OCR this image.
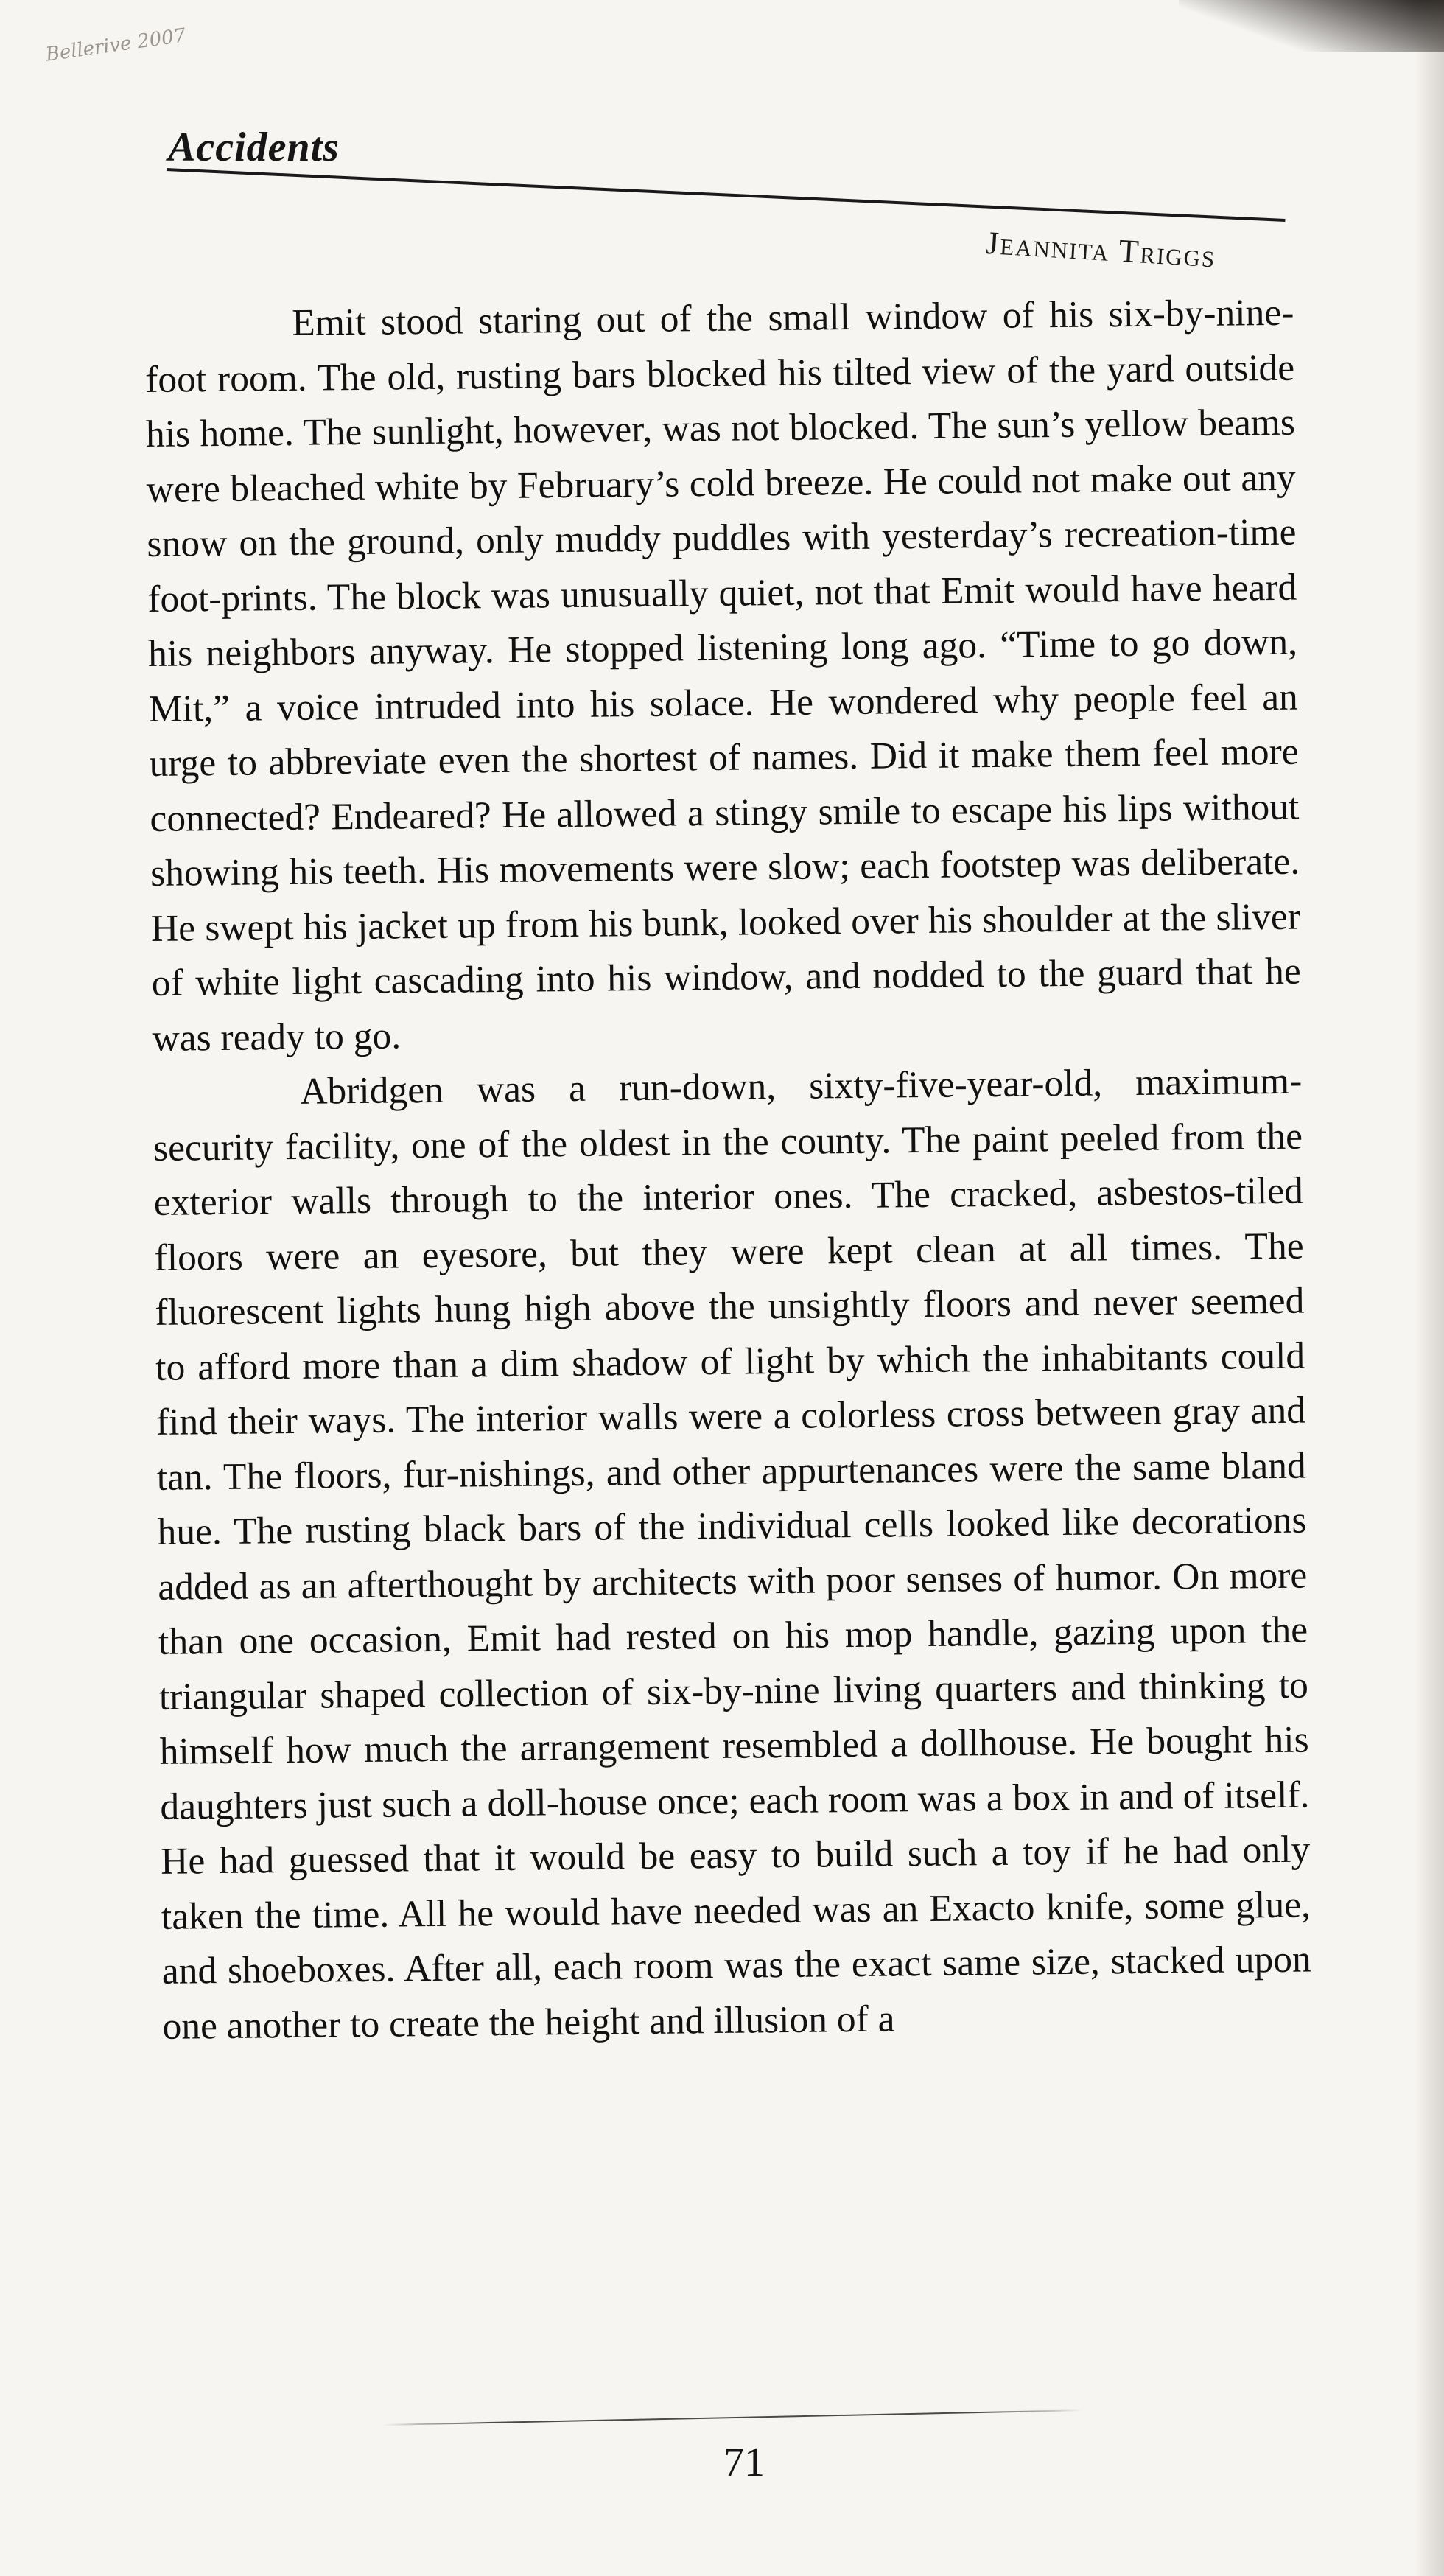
Bellerive 2007
Accidents
Jeannita Triggs

Emit stood staring out of the small window of his six-by-nine-foot room. The old, rusting bars blocked his tilted view of the yard outside his home. The sunlight, however, was not blocked. The sun’s yellow beams were bleached white by February’s cold breeze. He could not make out any snow on the ground, only muddy puddles with yesterday’s recreation-time foot-prints. The block was unusually quiet, not that Emit would have heard his neighbors anyway. He stopped listening long ago. “Time to go down, Mit,” a voice intruded into his solace. He wondered why people feel an urge to abbreviate even the shortest of names. Did it make them feel more connected? Endeared? He allowed a stingy smile to escape his lips without showing his teeth. His movements were slow; each footstep was deliberate. He swept his jacket up from his bunk, looked over his shoulder at the sliver of white light cascading into his window, and nodded to the guard that he was ready to go.

Abridgen was a run-down, sixty-five-year-old, maximum-security facility, one of the oldest in the county. The paint peeled from the exterior walls through to the interior ones. The cracked, asbestos-tiled floors were an eyesore, but they were kept clean at all times. The fluorescent lights hung high above the unsightly floors and never seemed to afford more than a dim shadow of light by which the inhabitants could find their ways. The interior walls were a colorless cross between gray and tan. The floors, fur-nishings, and other appurtenances were the same bland hue. The rusting black bars of the individual cells looked like decorations added as an afterthought by architects with poor senses of humor. On more than one occasion, Emit had rested on his mop handle, gazing upon the triangular shaped collection of six-by-nine living quarters and thinking to himself how much the arrangement resembled a dollhouse. He bought his daughters just such a doll-house once; each room was a box in and of itself. He had guessed that it would be easy to build such a toy if he had only taken the time. All he would have needed was an Exacto knife, some glue, and shoeboxes. After all, each room was the exact same size, stacked upon one another to create the height and illusion of a

71
